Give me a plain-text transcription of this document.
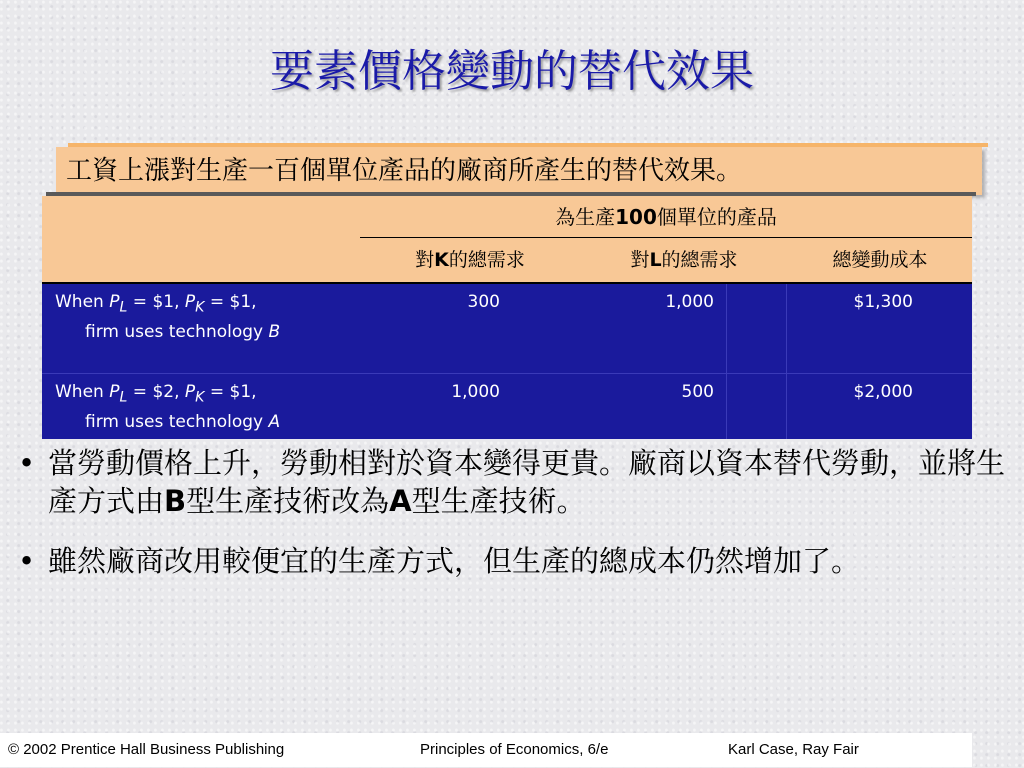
要素價格變動的替代效果
工資上漲對生產一百個單位產品的廠商所產生的替代效果。
為生產100個單位的產品
對K的總需求	對L的總需求	總變動成本
When $P_L$ = $1, $P_K$ = $1,
firm uses technology B
300	1,000	$1,300
When $P_L$ = $2, $P_K$ = $1,
firm uses technology A
1,000	500	$2,000
• 當勞動價格上升，勞動相對於資本變得更貴。廠商以資本替代勞動，並將生產方式由B型生產技術改為A型生產技術。
• 雖然廠商改用較便宜的生產方式，但生產的總成本仍然增加了。
© 2002 Prentice Hall Business Publishing	Principles of Economics, 6/e	Karl Case, Ray Fair
